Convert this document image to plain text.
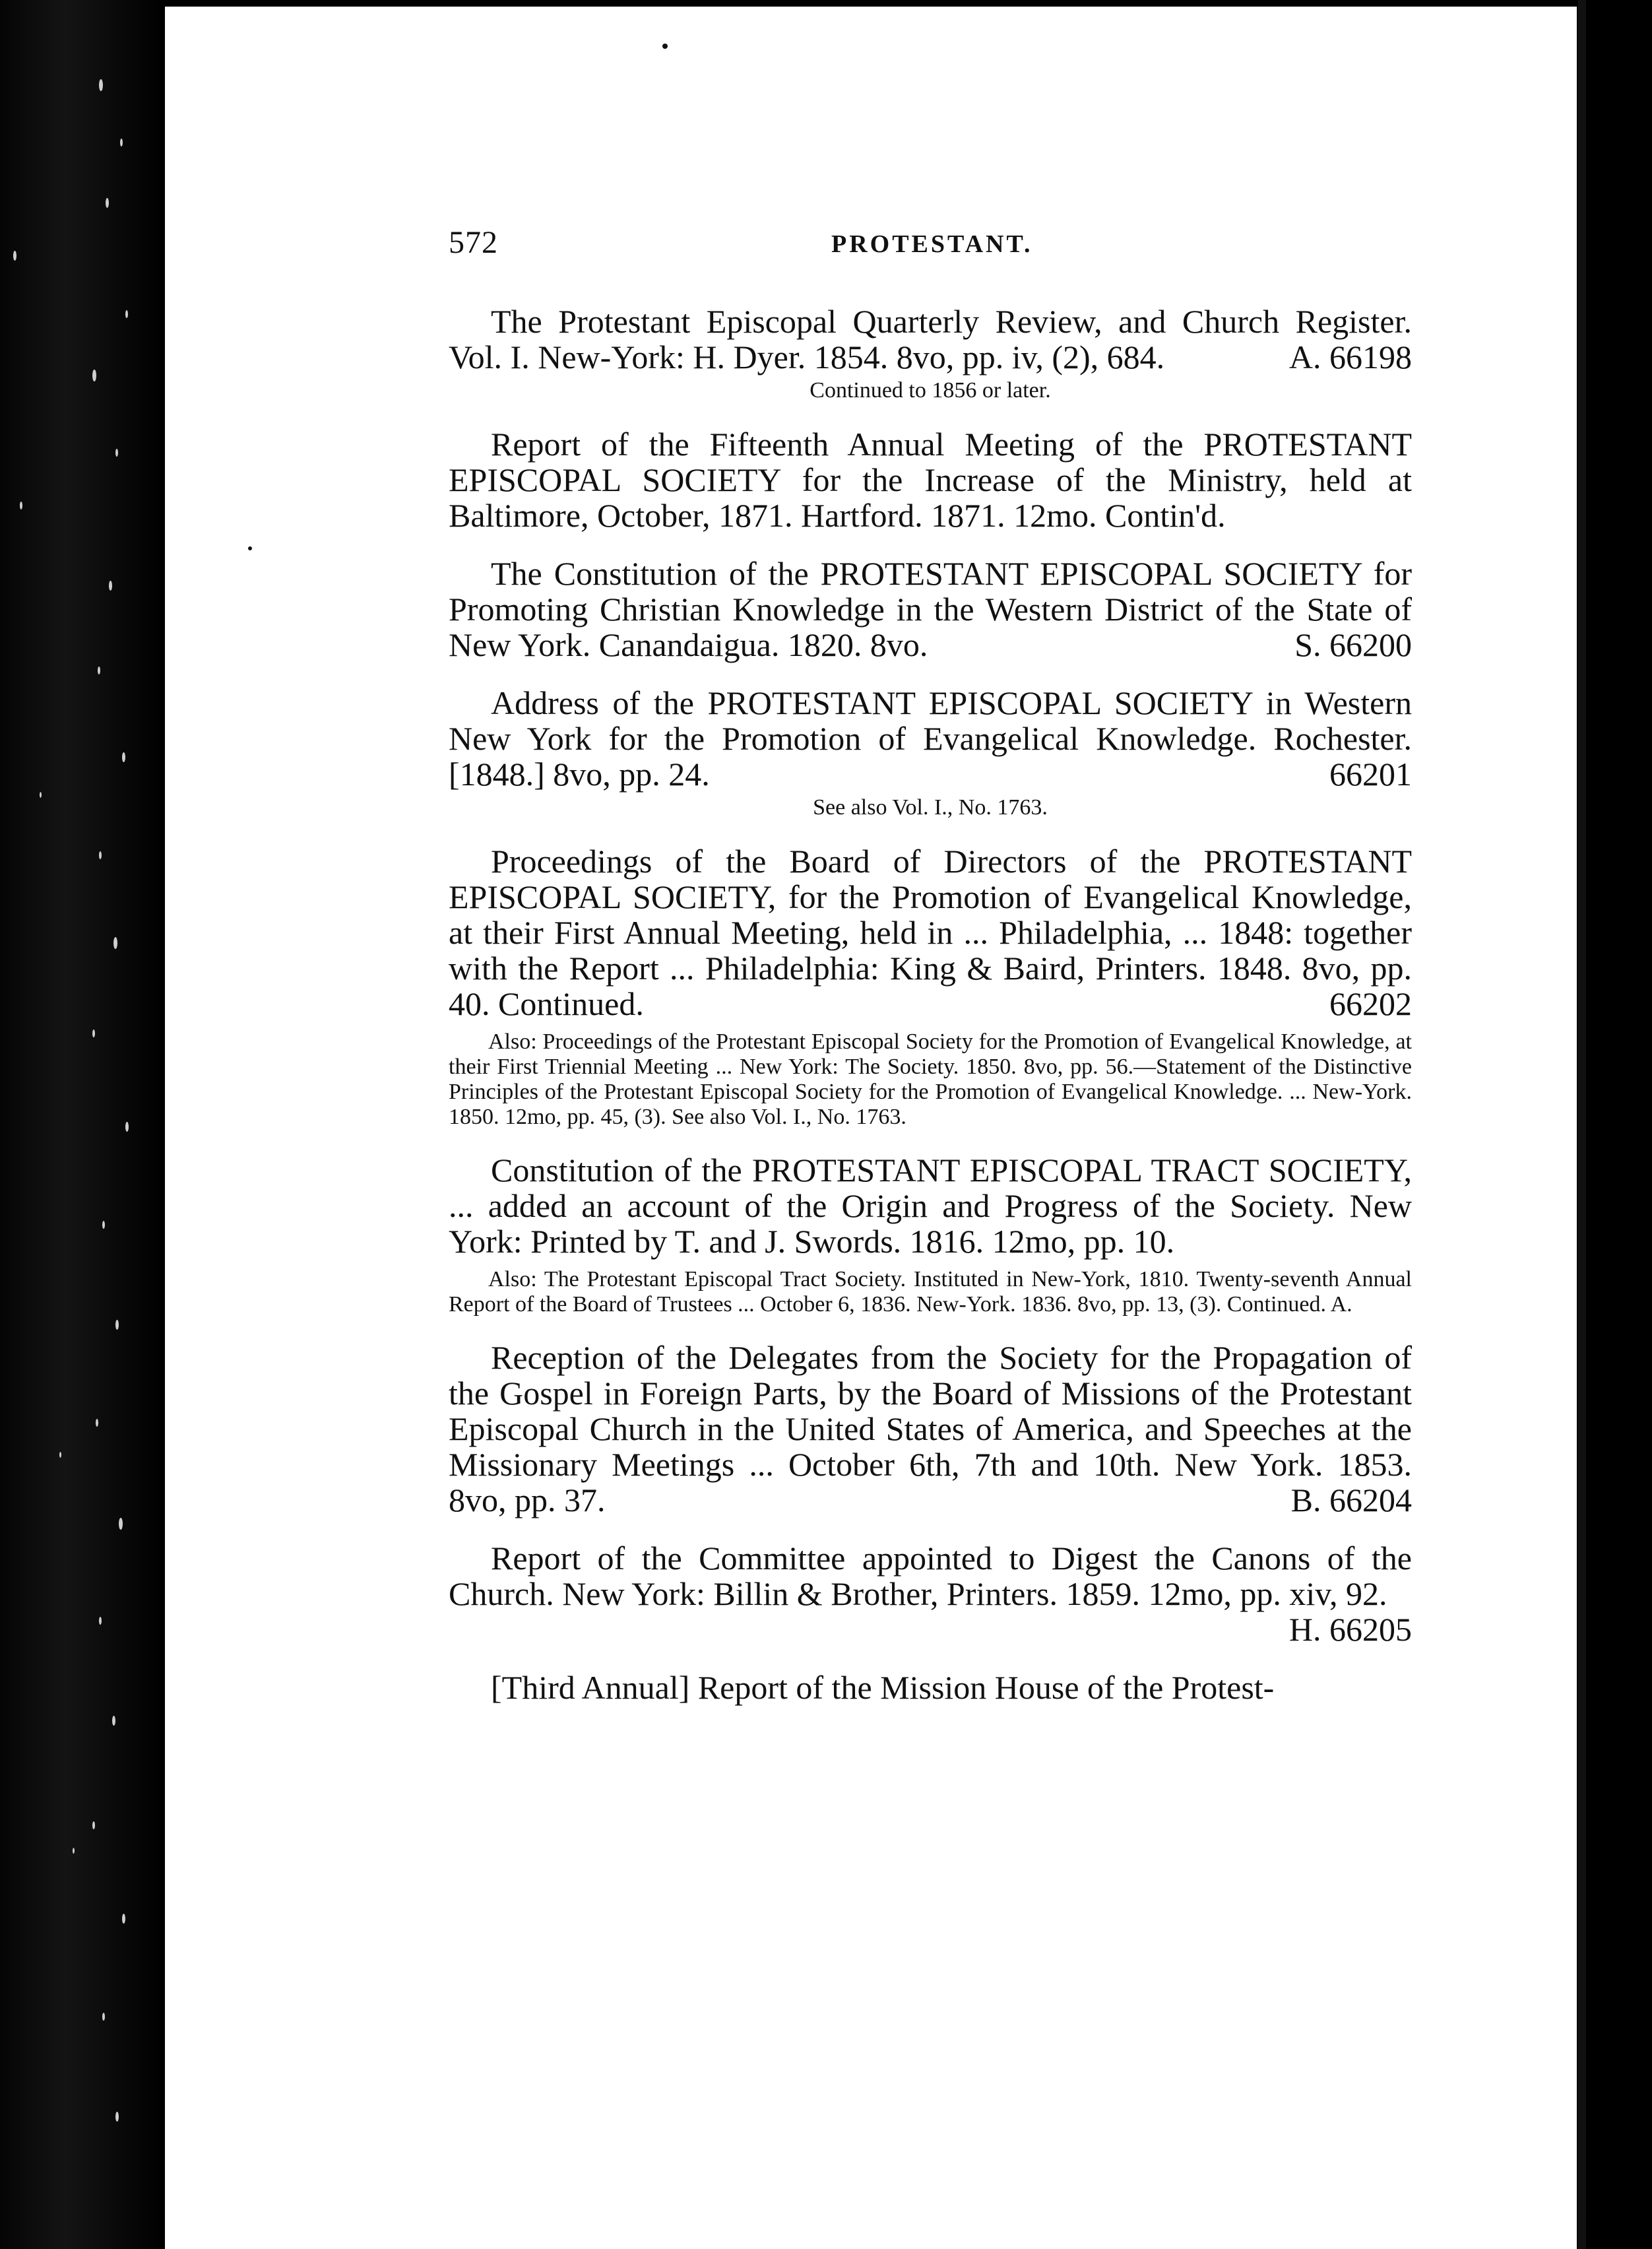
572	PROTESTANT.
The Protestant Episcopal Quarterly Review, and Church Register. Vol. I. New-York: H. Dyer. 1854. 8vo, pp. iv, (2), 684.	A. 66198
Continued to 1856 or later.
Report of the Fifteenth Annual Meeting of the PROTESTANT EPISCOPAL SOCIETY for the Increase of the Ministry, held at Baltimore, October, 1871. Hartford. 1871. 12mo. Contin'd.
The Constitution of the PROTESTANT EPISCOPAL SOCIETY for Promoting Christian Knowledge in the Western District of the State of New York. Canandaigua. 1820. 8vo.	S. 66200
Address of the PROTESTANT EPISCOPAL SOCIETY in Western New York for the Promotion of Evangelical Knowledge. Rochester. [1848.] 8vo, pp. 24.	66201
See also Vol. I., No. 1763.
Proceedings of the Board of Directors of the PROTESTANT EPISCOPAL SOCIETY, for the Promotion of Evangelical Knowledge, at their First Annual Meeting, held in ... Philadelphia, ... 1848: together with the Report ... Philadelphia: King & Baird, Printers. 1848. 8vo, pp. 40. Continued.	66202
Also: Proceedings of the Protestant Episcopal Society for the Promotion of Evangelical Knowledge, at their First Triennial Meeting ... New York: The Society. 1850. 8vo, pp. 56.—Statement of the Distinctive Principles of the Protestant Episcopal Society for the Promotion of Evangelical Knowledge. ... New-York. 1850. 12mo, pp. 45, (3). See also Vol. I., No. 1763.
Constitution of the PROTESTANT EPISCOPAL TRACT SOCIETY, ... added an account of the Origin and Progress of the Society. New York: Printed by T. and J. Swords. 1816. 12mo, pp. 10.
Also: The Protestant Episcopal Tract Society. Instituted in New-York, 1810. Twenty-seventh Annual Report of the Board of Trustees ... October 6, 1836. New-York. 1836. 8vo, pp. 13, (3). Continued. A.
Reception of the Delegates from the Society for the Propagation of the Gospel in Foreign Parts, by the Board of Missions of the Protestant Episcopal Church in the United States of America, and Speeches at the Missionary Meetings ... October 6th, 7th and 10th. New York. 1853. 8vo, pp. 37.	B. 66204
Report of the Committee appointed to Digest the Canons of the Church. New York: Billin & Brother, Printers. 1859. 12mo, pp. xiv, 92.
H. 66205
[Third Annual] Report of the Mission House of the Protest-
